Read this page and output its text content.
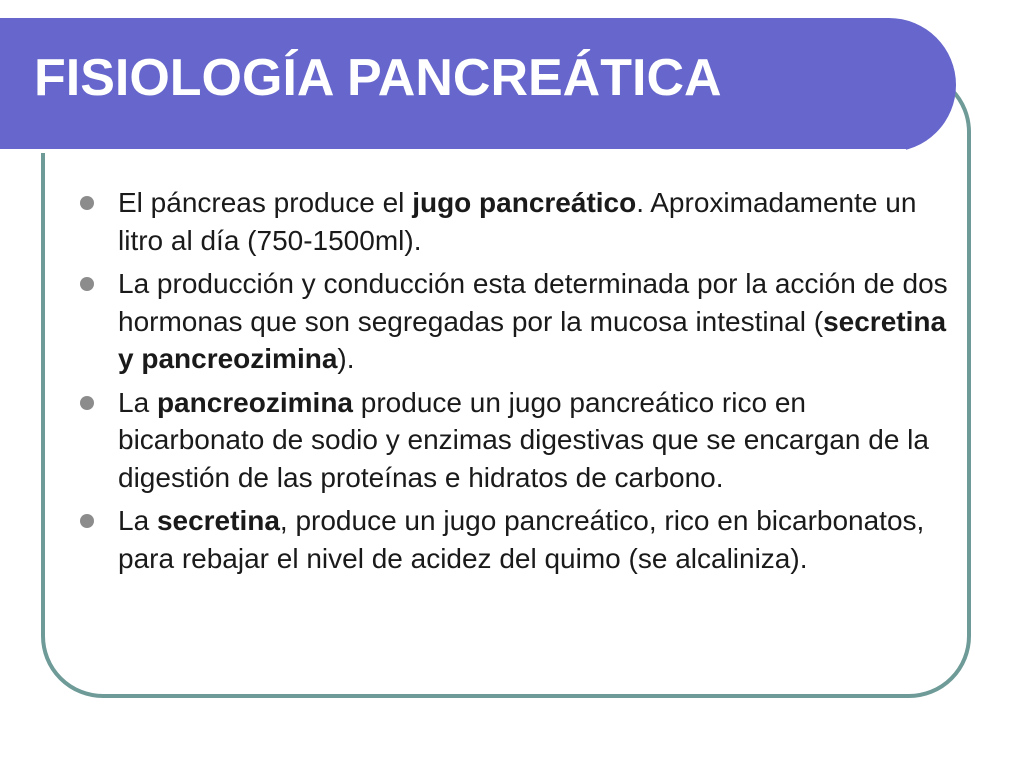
FISIOLOGÍA PANCREÁTICA
El páncreas produce el jugo pancreático. Aproximadamente un litro al día (750-1500ml).
La producción y conducción esta determinada por la acción de dos hormonas que son segregadas por la mucosa intestinal (secretina y pancreozimina).
La pancreozimina produce un jugo pancreático rico en bicarbonato de sodio y enzimas digestivas que se encargan de la digestión de las proteínas e hidratos de carbono.
La secretina, produce un jugo pancreático, rico en bicarbonatos, para rebajar el nivel de acidez del quimo (se alcaliniza).
